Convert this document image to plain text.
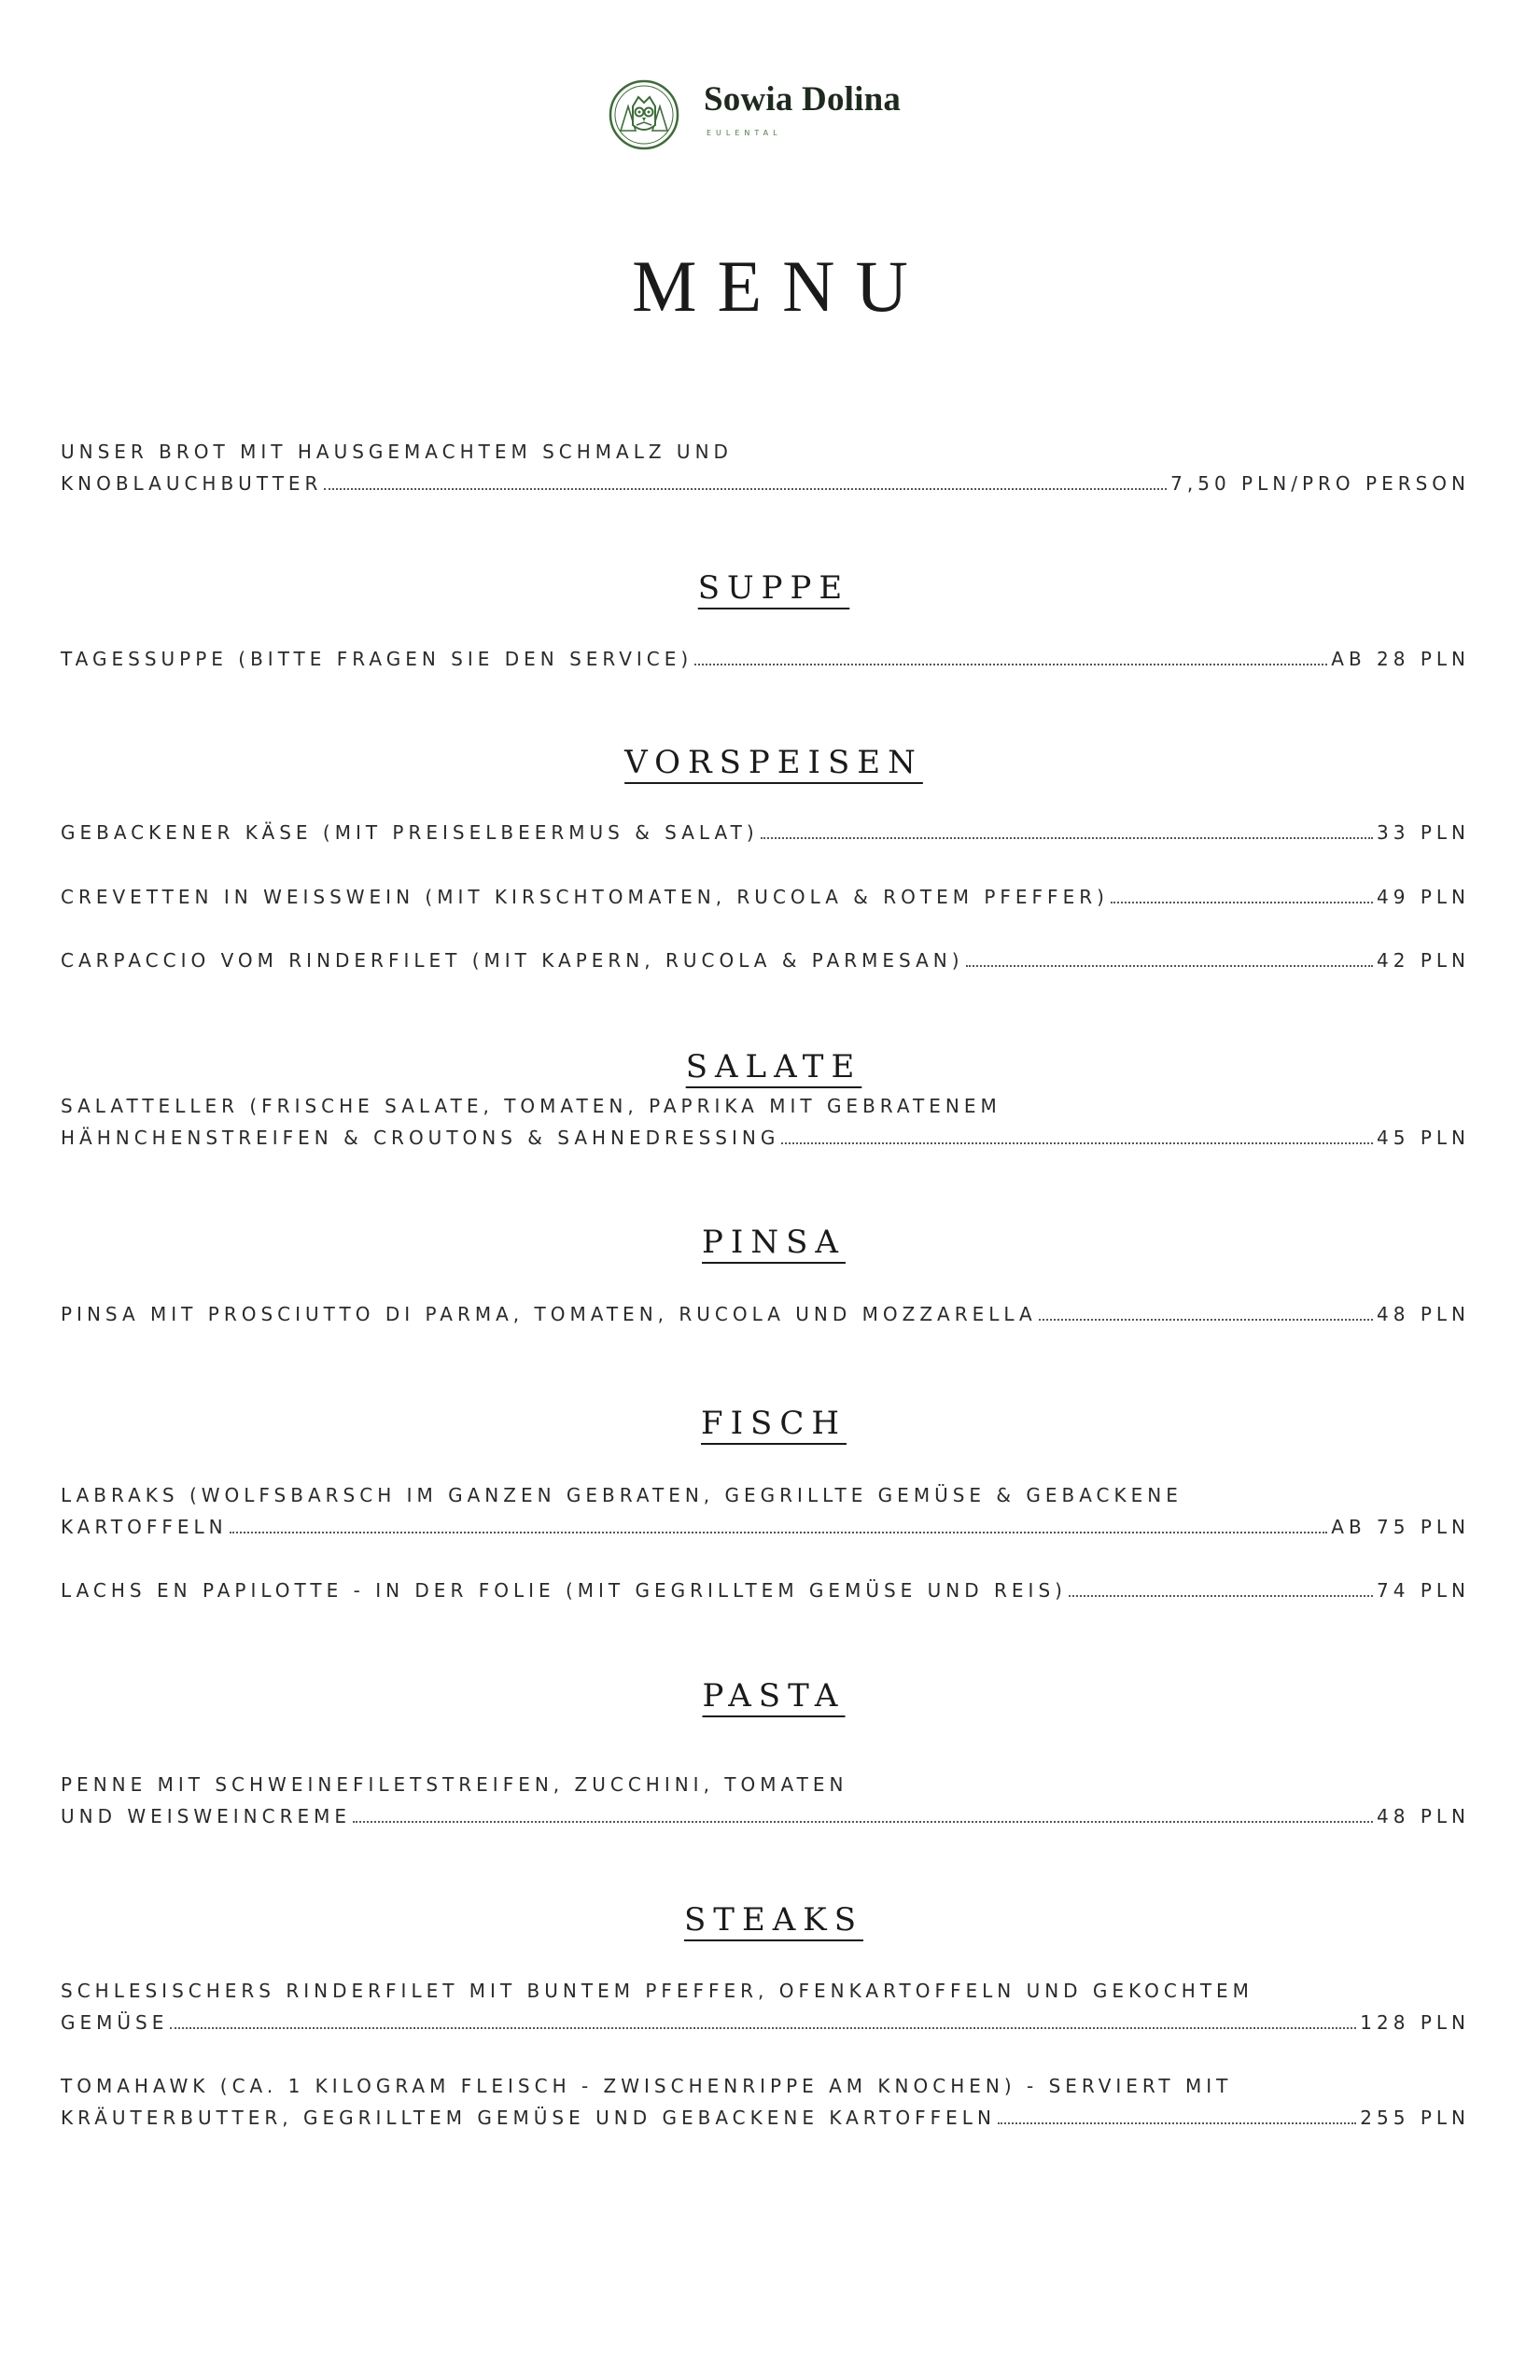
Sowia Dolina
EULENTAL
MENU
UNSER BROT MIT HAUSGEMACHTEM SCHMALZ UND
KNOBLAUCHBUTTER	7,50 PLN/PRO PERSON
SUPPE
TAGESSUPPE (BITTE FRAGEN SIE DEN SERVICE)	AB 28 PLN
VORSPEISEN
GEBACKENER KÄSE (MIT PREISELBEERMUS & SALAT)	33 PLN
CREVETTEN IN WEISSWEIN (MIT KIRSCHTOMATEN, RUCOLA & ROTEM PFEFFER)	49 PLN
CARPACCIO VOM RINDERFILET (MIT KAPERN, RUCOLA & PARMESAN)	42 PLN
SALATE
SALATTELLER (FRISCHE SALATE, TOMATEN, PAPRIKA MIT GEBRATENEM
HÄHNCHENSTREIFEN & CROUTONS & SAHNEDRESSING	45 PLN
PINSA
PINSA MIT PROSCIUTTO DI PARMA, TOMATEN, RUCOLA UND MOZZARELLA	48 PLN
FISCH
LABRAKS (WOLFSBARSCH IM GANZEN GEBRATEN, GEGRILLTE GEMÜSE & GEBACKENE
KARTOFFELN	AB 75 PLN
LACHS EN PAPILOTTE - IN DER FOLIE (MIT GEGRILLTEM GEMÜSE UND REIS)	74 PLN
PASTA
PENNE MIT SCHWEINEFILETSTREIFEN, ZUCCHINI, TOMATEN
UND WEISWEINCREME	48 PLN
STEAKS
SCHLESISCHERS RINDERFILET MIT BUNTEM PFEFFER, OFENKARTOFFELN UND GEKOCHTEM
GEMÜSE	128 PLN
TOMAHAWK (CA. 1 KILOGRAM FLEISCH - ZWISCHENRIPPE AM KNOCHEN) - SERVIERT MIT
KRÄUTERBUTTER, GEGRILLTEM GEMÜSE UND GEBACKENE KARTOFFELN	255 PLN
